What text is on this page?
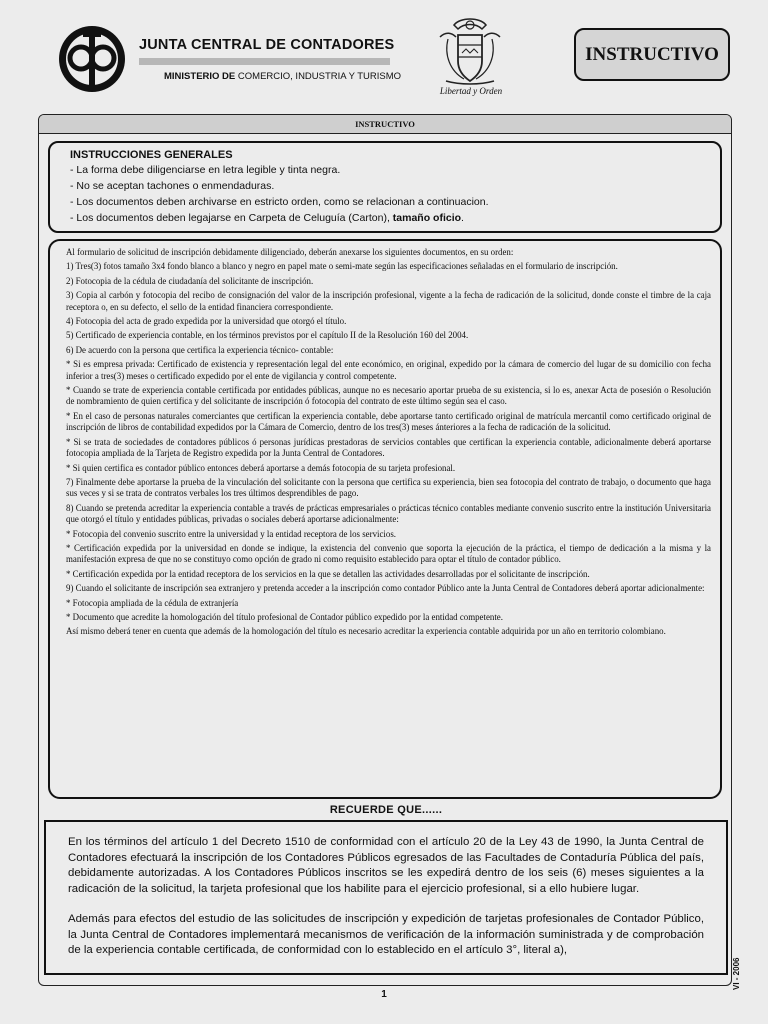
JUNTA CENTRAL DE CONTADORES
MINISTERIO DE COMERCIO, INDUSTRIA Y TURISMO
Libertad y Orden
INSTRUCTIVO
INSTRUCTIVO
INSTRUCCIONES GENERALES
- La forma debe diligenciarse en letra legible y tinta negra.
- No se aceptan tachones o enmendaduras.
- Los documentos deben archivarse en estricto orden, como se relacionan a continuacion.
- Los documentos deben legajarse en Carpeta de Celuguía (Carton), tamaño oficio.

Al formulario de solicitud de inscripción debidamente diligenciado, deberán anexarse los siguientes documentos, en su orden:

1) Tres(3) fotos tamaño 3x4 fondo blanco a blanco y negro en papel mate o semi-mate según las especificaciones señaladas en el formulario de inscripción.

2) Fotocopia de la cédula de ciudadanía del solicitante de inscripción.

3) Copia al carbón y fotocopia del recibo de consignación del valor de la inscripción profesional, vigente a la fecha de radicación de la solicitud, donde conste el timbre de la caja receptora o, en su defecto, el sello de la entidad financiera correspondiente.

4) Fotocopia del acta de grado expedida por la universidad que otorgó el título.

5) Certificado de experiencia contable, en los términos previstos por el capítulo II de la Resolución 160 del 2004.

6) De acuerdo con la persona que certifica la experiencia técnico- contable:

* Si es empresa privada: Certificado de existencia y representación legal del ente económico, en original, expedido por la cámara de comercio del lugar de su domicilio con fecha inferior a tres(3) meses o certificado expedido por el ente de vigilancia y control competente.

* Cuando se trate de experiencia contable certificada por entidades públicas, aunque no es necesario aportar prueba de su existencia, si lo es, anexar Acta de posesión o Resolución de nombramiento de quien certifica y del solicitante de inscripción ó fotocopia del contrato de este último según sea el caso.

* En el caso de personas naturales comerciantes que certifican la experiencia contable, debe aportarse tanto certificado original de matrícula mercantil como certificado original de inscripción de libros de contabilidad expedidos por la Cámara de Comercio, dentro de los tres(3) meses ánteriores a la fecha de radicación de la solicitud.

* Si se trata de sociedades de contadores públicos ó personas jurídicas prestadoras de servicios contables que certifican la experiencia contable, adicionalmente deberá aportarse fotocopia ampliada de la Tarjeta de Registro expedida por la Junta Central de Contadores.

* Si quien certifica es contador público entonces deberá aportarse a demás fotocopia de su tarjeta profesional.

7) Finalmente debe aportarse la prueba de la vinculación del solicitante con la persona que certifica su experiencia, bien sea fotocopia del contrato de trabajo, o documento que haga sus veces y si se trata de contratos verbales los tres últimos desprendibles de pago.

8) Cuando se pretenda acreditar la experiencia contable a través de prácticas empresariales o prácticas técnico contables mediante convenio suscrito entre la institución Universitaria que otorgó el título y entidades públicas, privadas o sociales deberá aportarse adicionalmente:

* Fotocopia del convenio suscrito entre la universidad y la entidad receptora de los servicios.

* Certificación expedida por la universidad en donde se indique, la existencia del convenio que soporta la ejecución de la práctica, el tiempo de dedicación a la misma y la manifestación expresa de que no se constituyo como opción de grado ni como requisito establecido para optar el título de contador público.

* Certificación expedida por la entidad receptora de los servicios en la que se detallen las actividades desarrolladas por el solicitante de inscripción.

9) Cuando el solicitante de inscripción sea extranjero y pretenda acceder a la inscripción como contador Público ante la Junta Central de Contadores deberá aportar adicionalmente:

* Fotocopia ampliada de la cédula de extranjería

* Documento que acredite la homologación del título profesional de Contador público expedido por la entidad competente.

Así mismo deberá tener en cuenta que además de la homologación del título es necesario acreditar la experiencia contable adquirida por un año en territorio colombiano.

RECUERDE QUE......

En los términos del artículo 1 del Decreto 1510 de conformidad con el artículo 20 de la Ley 43 de 1990, la Junta Central de Contadores efectuará la inscripción de los Contadores Públicos egresados de las Facultades de Contaduría Pública del país, debidamente autorizadas. A los Contadores Públicos inscritos se les expedirá dentro de los seis (6) meses siguientes a la radicación de la solicitud, la tarjeta profesional que los habilite para el ejercicio profesional, si a ello hubiere lugar.

Además para efectos del estudio de las solicitudes de inscripción y expedición de tarjetas profesionales de Contador Público, la Junta Central de Contadores implementará mecanismos de verificación de la información suministrada y de comprobación de la experiencia contable certificada, de conformidad con lo establecido en el artículo 3°, literal a),

VI - 2006
1
